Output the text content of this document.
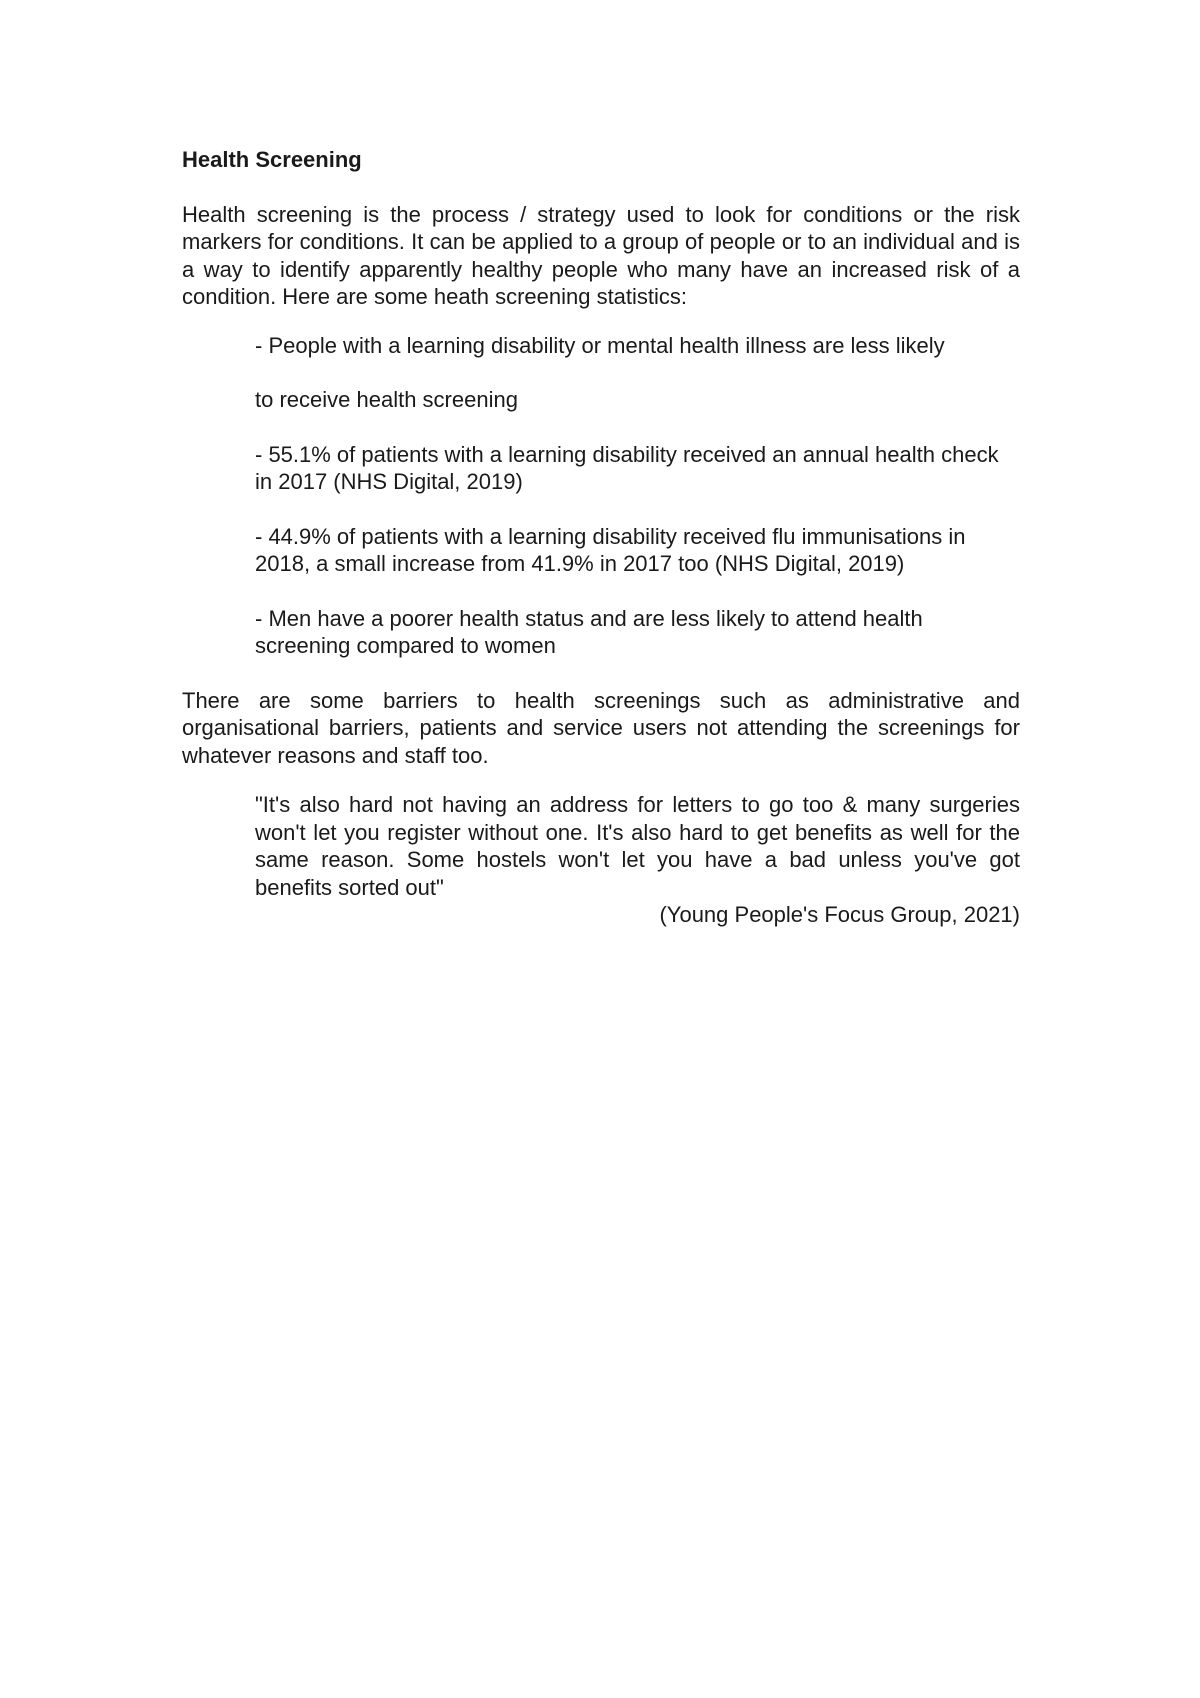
Health Screening

Health screening is the process / strategy used to look for conditions or the risk markers for conditions. It can be applied to a group of people or to an individual and is a way to identify apparently healthy people who many have an increased risk of a condition. Here are some heath screening statistics:

- People with a learning disability or mental health illness are less likely
to receive health screening
- 55.1% of patients with a learning disability received an annual health check in 2017 (NHS Digital, 2019)
- 44.9% of patients with a learning disability received flu immunisations in 2018, a small increase from 41.9% in 2017 too (NHS Digital, 2019)
- Men have a poorer health status and are less likely to attend health screening compared to women

There are some barriers to health screenings such as administrative and organisational barriers, patients and service users not attending the screenings for whatever reasons and staff too.

"It's also hard not having an address for letters to go too & many surgeries won't let you register without one. It's also hard to get benefits as well for the same reason. Some hostels won't let you have a bad unless you've got benefits sorted out"
(Young People's Focus Group, 2021)
